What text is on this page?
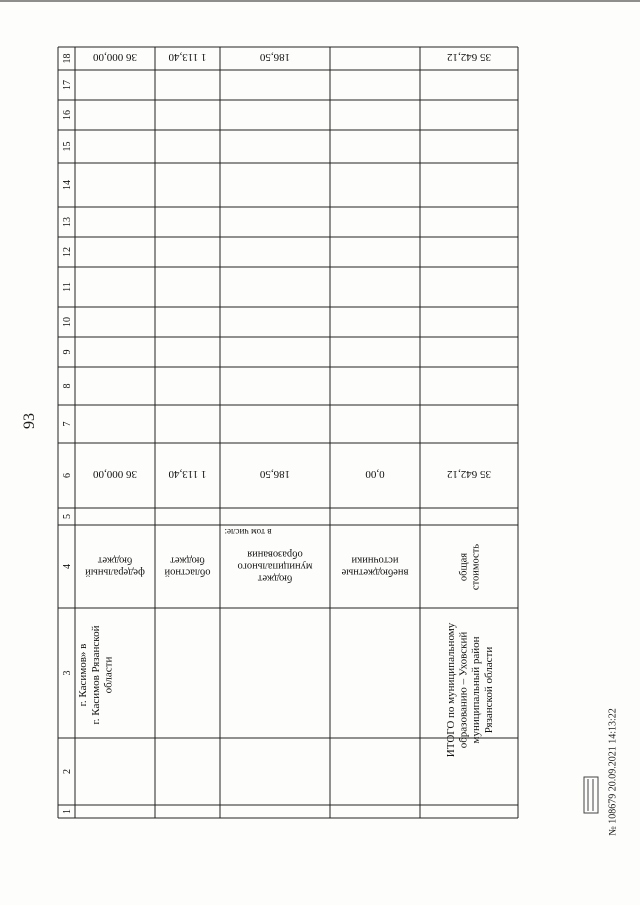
93
№ 108679 20.09.2021 14:13:22
1
2
3
4
5
6
7
8
9
10
11
12
13
14
15
16
17
18
г. Касимов» в г. Касимов Рязанской области
в том числе:
федеральный
бюджет
36 000,00
36 000,00
областной
бюджет
1 113,40
1 113,40
бюджет
муниципального
образования
186,50
186,50
внебюджетные
источники
0,00
ИТОГО по муниципальному образованию – Уховский муниципальный район Рязанской области
общая стоимость
35 642,12
35 642,12
